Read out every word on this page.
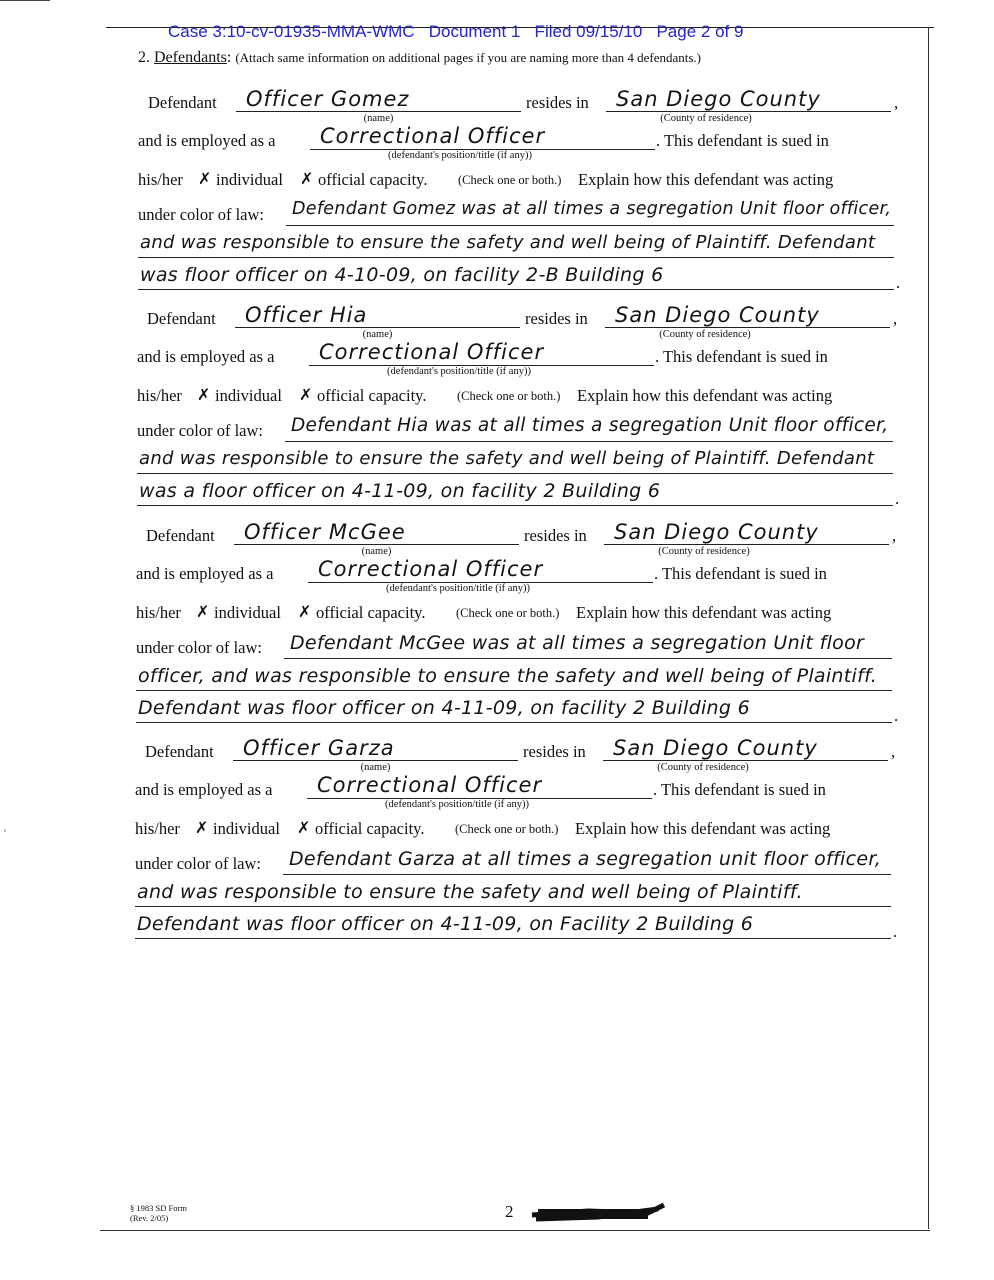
'
Case 3:10-cv-01935-MMA-WMC   Document 1   Filed 09/15/10   Page 2 of 9
2. Defendants: (Attach same information on additional pages if you are naming more than 4 defendants.)
Defendant Officer Gomez
(name)
resides in San Diego County
(County of residence)
,
and is employed as a Correctional Officer
(defendant's position/title (if any))
. This defendant is sued in
his/her ✗ individual ✗ official capacity. (Check one or both.) Explain how this defendant was acting
under color of law: Defendant Gomez was at all times a segregation Unit floor officer,
and was responsible to ensure the safety and well being of Plaintiff. Defendant
was floor officer on 4-10-09, on facility 2-B Building 6	.
Defendant Officer Hia
(name)
resides in San Diego County
(County of residence)
,
and is employed as a Correctional Officer
(defendant's position/title (if any))
. This defendant is sued in
his/her ✗ individual ✗ official capacity. (Check one or both.) Explain how this defendant was acting
under color of law: Defendant Hia was at all times a segregation Unit floor officer,
and was responsible to ensure the safety and well being of Plaintiff. Defendant
was a floor officer on 4-11-09, on facility 2 Building 6	.
Defendant Officer McGee
(name)
resides in San Diego County
(County of residence)
,
and is employed as a Correctional Officer
(defendant's position/title (if any))
. This defendant is sued in
his/her ✗ individual ✗ official capacity. (Check one or both.) Explain how this defendant was acting
under color of law: Defendant McGee was at all times a segregation Unit floor
officer, and was responsible to ensure the safety and well being of Plaintiff.
Defendant was floor officer on 4-11-09, on facility 2 Building 6	.
Defendant Officer Garza
(name)
resides in San Diego County
(County of residence)
,
and is employed as a Correctional Officer
(defendant's position/title (if any))
. This defendant is sued in
his/her ✗ individual ✗ official capacity. (Check one or both.) Explain how this defendant was acting
under color of law: Defendant Garza at all times a segregation unit floor officer,
and was responsible to ensure the safety and well being of Plaintiff.
Defendant was floor officer on 4-11-09, on Facility 2 Building 6	.
§ 1983 SD Form
(Rev. 2/05)	2
